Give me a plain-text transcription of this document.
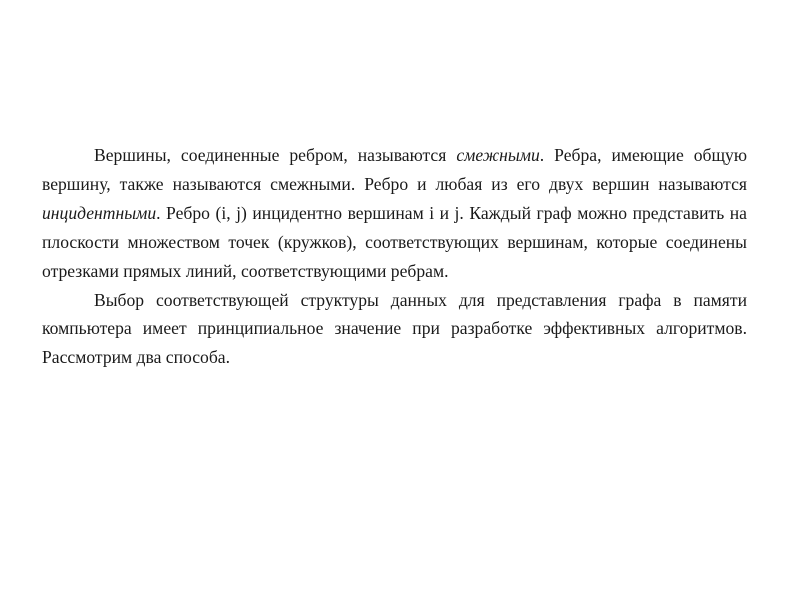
Вершины, соединенные ребром, называются смежными. Ребра, имеющие общую вершину, также называются смежными. Ребро и любая из его двух вершин называются инцидентными. Ребро (i, j) инцидентно вершинам i и j. Каждый граф можно представить на плоскости множеством точек (кружков), соответствующих вершинам, которые соединены отрезками прямых линий, соответствующими ребрам.

Выбор соответствующей структуры данных для представления графа в памяти компьютера имеет принципиальное значение при разработке эффективных алгоритмов. Рассмотрим два способа.
